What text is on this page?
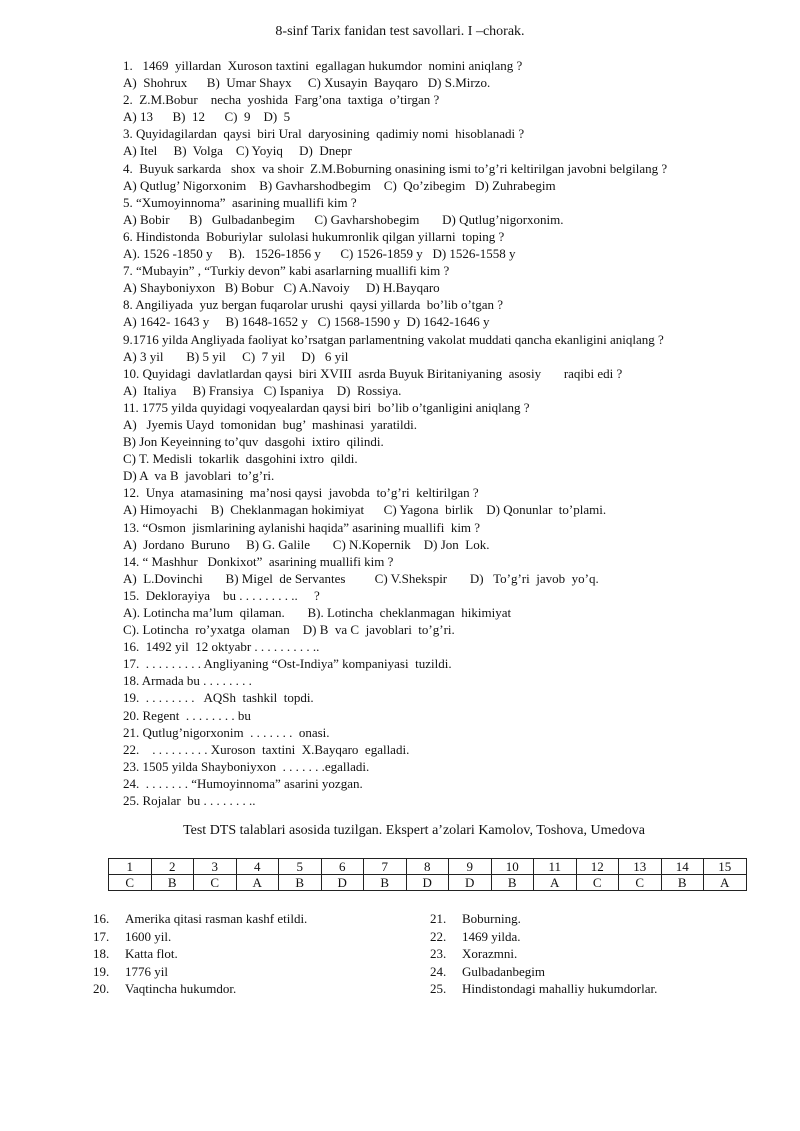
8-sinf Tarix fanidan test savollari. I –chorak.
1.   1469  yillardan  Xuroson taxtini  egallagan hukumdor  nomini aniqlang ?
A)  Shohrux      B)  Umar Shayx     C) Xusayin  Bayqaro   D) S.Mirzo.
2.  Z.M.Bobur    necha  yoshida  Farg’ona  taxtiga  o’tirgan ?
A) 13      B)  12      C)  9    D)  5
3. Quyidagilardan  qaysi  biri Ural  daryosining  qadimiy nomi  hisoblanadi ?
A) Itel     B)  Volga    C) Yoyiq     D)  Dnepr
4.  Buyuk sarkarda   shox  va shoir  Z.M.Boburning onasining ismi to’g’ri keltirilgan javobni belgilang ?
A) Qutlug’ Nigorxonim    B) Gavharshodbegim    C)  Qo’zibegim   D) Zuhrabegim
5. “Xumoyinnoma”  asarining muallifi kim ?
A) Bobir      B)   Gulbadanbegim      C) Gavharshobegim       D) Qutlug’nigorxonim.
6. Hindistonda  Boburiylar  sulolasi hukumronlik qilgan yillarni  toping ?
A). 1526 -1850 y     B).   1526-1856 y      C) 1526-1859 y   D) 1526-1558 y
7. “Mubayin” , “Turkiy devon” kabi asarlarning muallifi kim ?
A) Shayboniyxon   B) Bobur   C) A.Navoiy     D) H.Bayqaro
8. Angiliyada  yuz bergan fuqarolar urushi  qaysi yillarda  bo’lib o’tgan ?
A) 1642- 1643 y     B) 1648-1652 y   C) 1568-1590 y  D) 1642-1646 y
9.1716 yilda Angliyada faoliyat ko’rsatgan parlamentning vakolat muddati qancha ekanligini aniqlang ?
A) 3 yil       B) 5 yil     C)  7 yil     D)   6 yil
10. Quyidagi  davlatlardan qaysi  biri XVIII  asrda Buyuk Biritaniyaning  asosiy       raqibi edi ?
A)  Italiya     B) Fransiya   C) Ispaniya    D)  Rossiya.
11. 1775 yilda quyidagi voqyealardan qaysi biri  bo’lib o’tganligini aniqlang ?
A)   Jyemis Uayd  tomonidan  bug’  mashinasi  yaratildi.
B) Jon Keyeinning to’quv  dasgohi  ixtiro  qilindi.
C) T. Medisli  tokarlik  dasgohini ixtro  qildi.
D) A  va B  javoblari  to’g’ri.
12.  Unya  atamasining  ma’nosi qaysi  javobda  to’g’ri  keltirilgan ?
A) Himoyachi    B)  Cheklanmagan hokimiyat      C) Yagona  birlik    D) Qonunlar  to’plami.
13. “Osmon  jismlarining aylanishi haqida” asarining muallifi  kim ?
A)  Jordano  Buruno     B) G. Galile       C) N.Kopernik    D) Jon  Lok.
14. “ Mashhur   Donkixot”  asarining muallifi kim ?
A)  L.Dovinchi       B) Migel  de Servantes         C) V.Shekspir       D)   To’g’ri  javob  yo’q.
15.  Deklorayiya    bu . . . . . . . . ..     ?
A). Lotincha ma’lum  qilaman.       B). Lotincha  cheklanmagan  hikimiyat
C). Lotincha  ro’yxatga  olaman    D) B  va C  javoblari  to’g’ri.
16.  1492 yil  12 oktyabr . . . . . . . . . ..
17.  . . . . . . . . . Angliyaning “Ost-Indiya” kompaniyasi  tuzildi.
18. Armada bu . . . . . . . .
19.  . . . . . . . .   AQSh  tashkil  topdi.
20. Regent  . . . . . . . . bu
21. Qutlug’nigorxonim  . . . . . . .  onasi.
22.    . . . . . . . . . Xuroson  taxtini  X.Bayqaro  egalladi.
23. 1505 yilda Shayboniyxon  . . . . . . .egalladi.
24.  . . . . . . . “Humoyinnoma” asarini yozgan.
25. Rojalar  bu . . . . . . . ..
Test DTS talablari asosida tuzilgan. Ekspert a’zolari Kamolov, Toshova, Umedova
1	2	3	4	5	6	7	8	9	10	11	12	13	14	15
C	B	C	A	B	D	B	D	D	B	A	C	C	B	A
16.	Amerika qitasi rasman kashf etildi.
17.	1600 yil.
18.	Katta flot.
19.	1776 yil
20.	Vaqtincha hukumdor.
21.	Boburning.
22.	1469 yilda.
23.	Xorazmni.
24.	Gulbadanbegim
25.	Hindistondagi mahalliy hukumdorlar.
